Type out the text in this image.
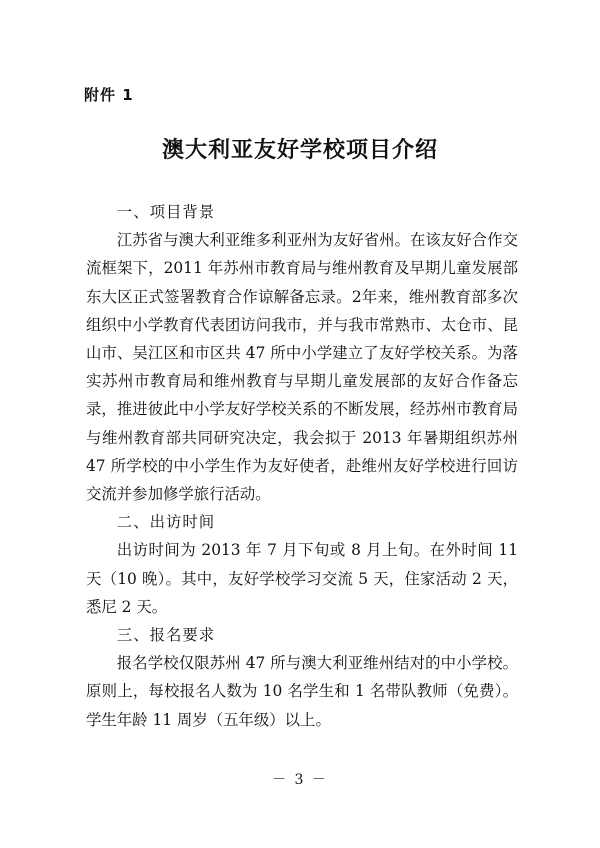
附件 1
澳大利亚友好学校项目介绍

一、项目背景

江苏省与澳大利亚维多利亚州为友好省州。在该友好合作交流框架下，2011 年苏州市教育局与维州教育及早期儿童发展部东大区正式签署教育合作谅解备忘录。2年来，维州教育部多次组织中小学教育代表团访问我市，并与我市常熟市、太仓市、昆山市、吴江区和市区共 47 所中小学建立了友好学校关系。为落实苏州市教育局和维州教育与早期儿童发展部的友好合作备忘录，推进彼此中小学友好学校关系的不断发展，经苏州市教育局与维州教育部共同研究决定，我会拟于 2013 年暑期组织苏州 47 所学校的中小学生作为友好使者，赴维州友好学校进行回访交流并参加修学旅行活动。

二、出访时间

出访时间为 2013 年 7 月下旬或 8 月上旬。在外时间 11 天（10 晚）。其中，友好学校学习交流 5 天，住家活动 2 天，悉尼 2 天。

三、报名要求

报名学校仅限苏州 47 所与澳大利亚维州结对的中小学校。原则上，每校报名人数为 10 名学生和 1 名带队教师（免费）。学生年龄 11 周岁（五年级）以上。

－ 3 －
